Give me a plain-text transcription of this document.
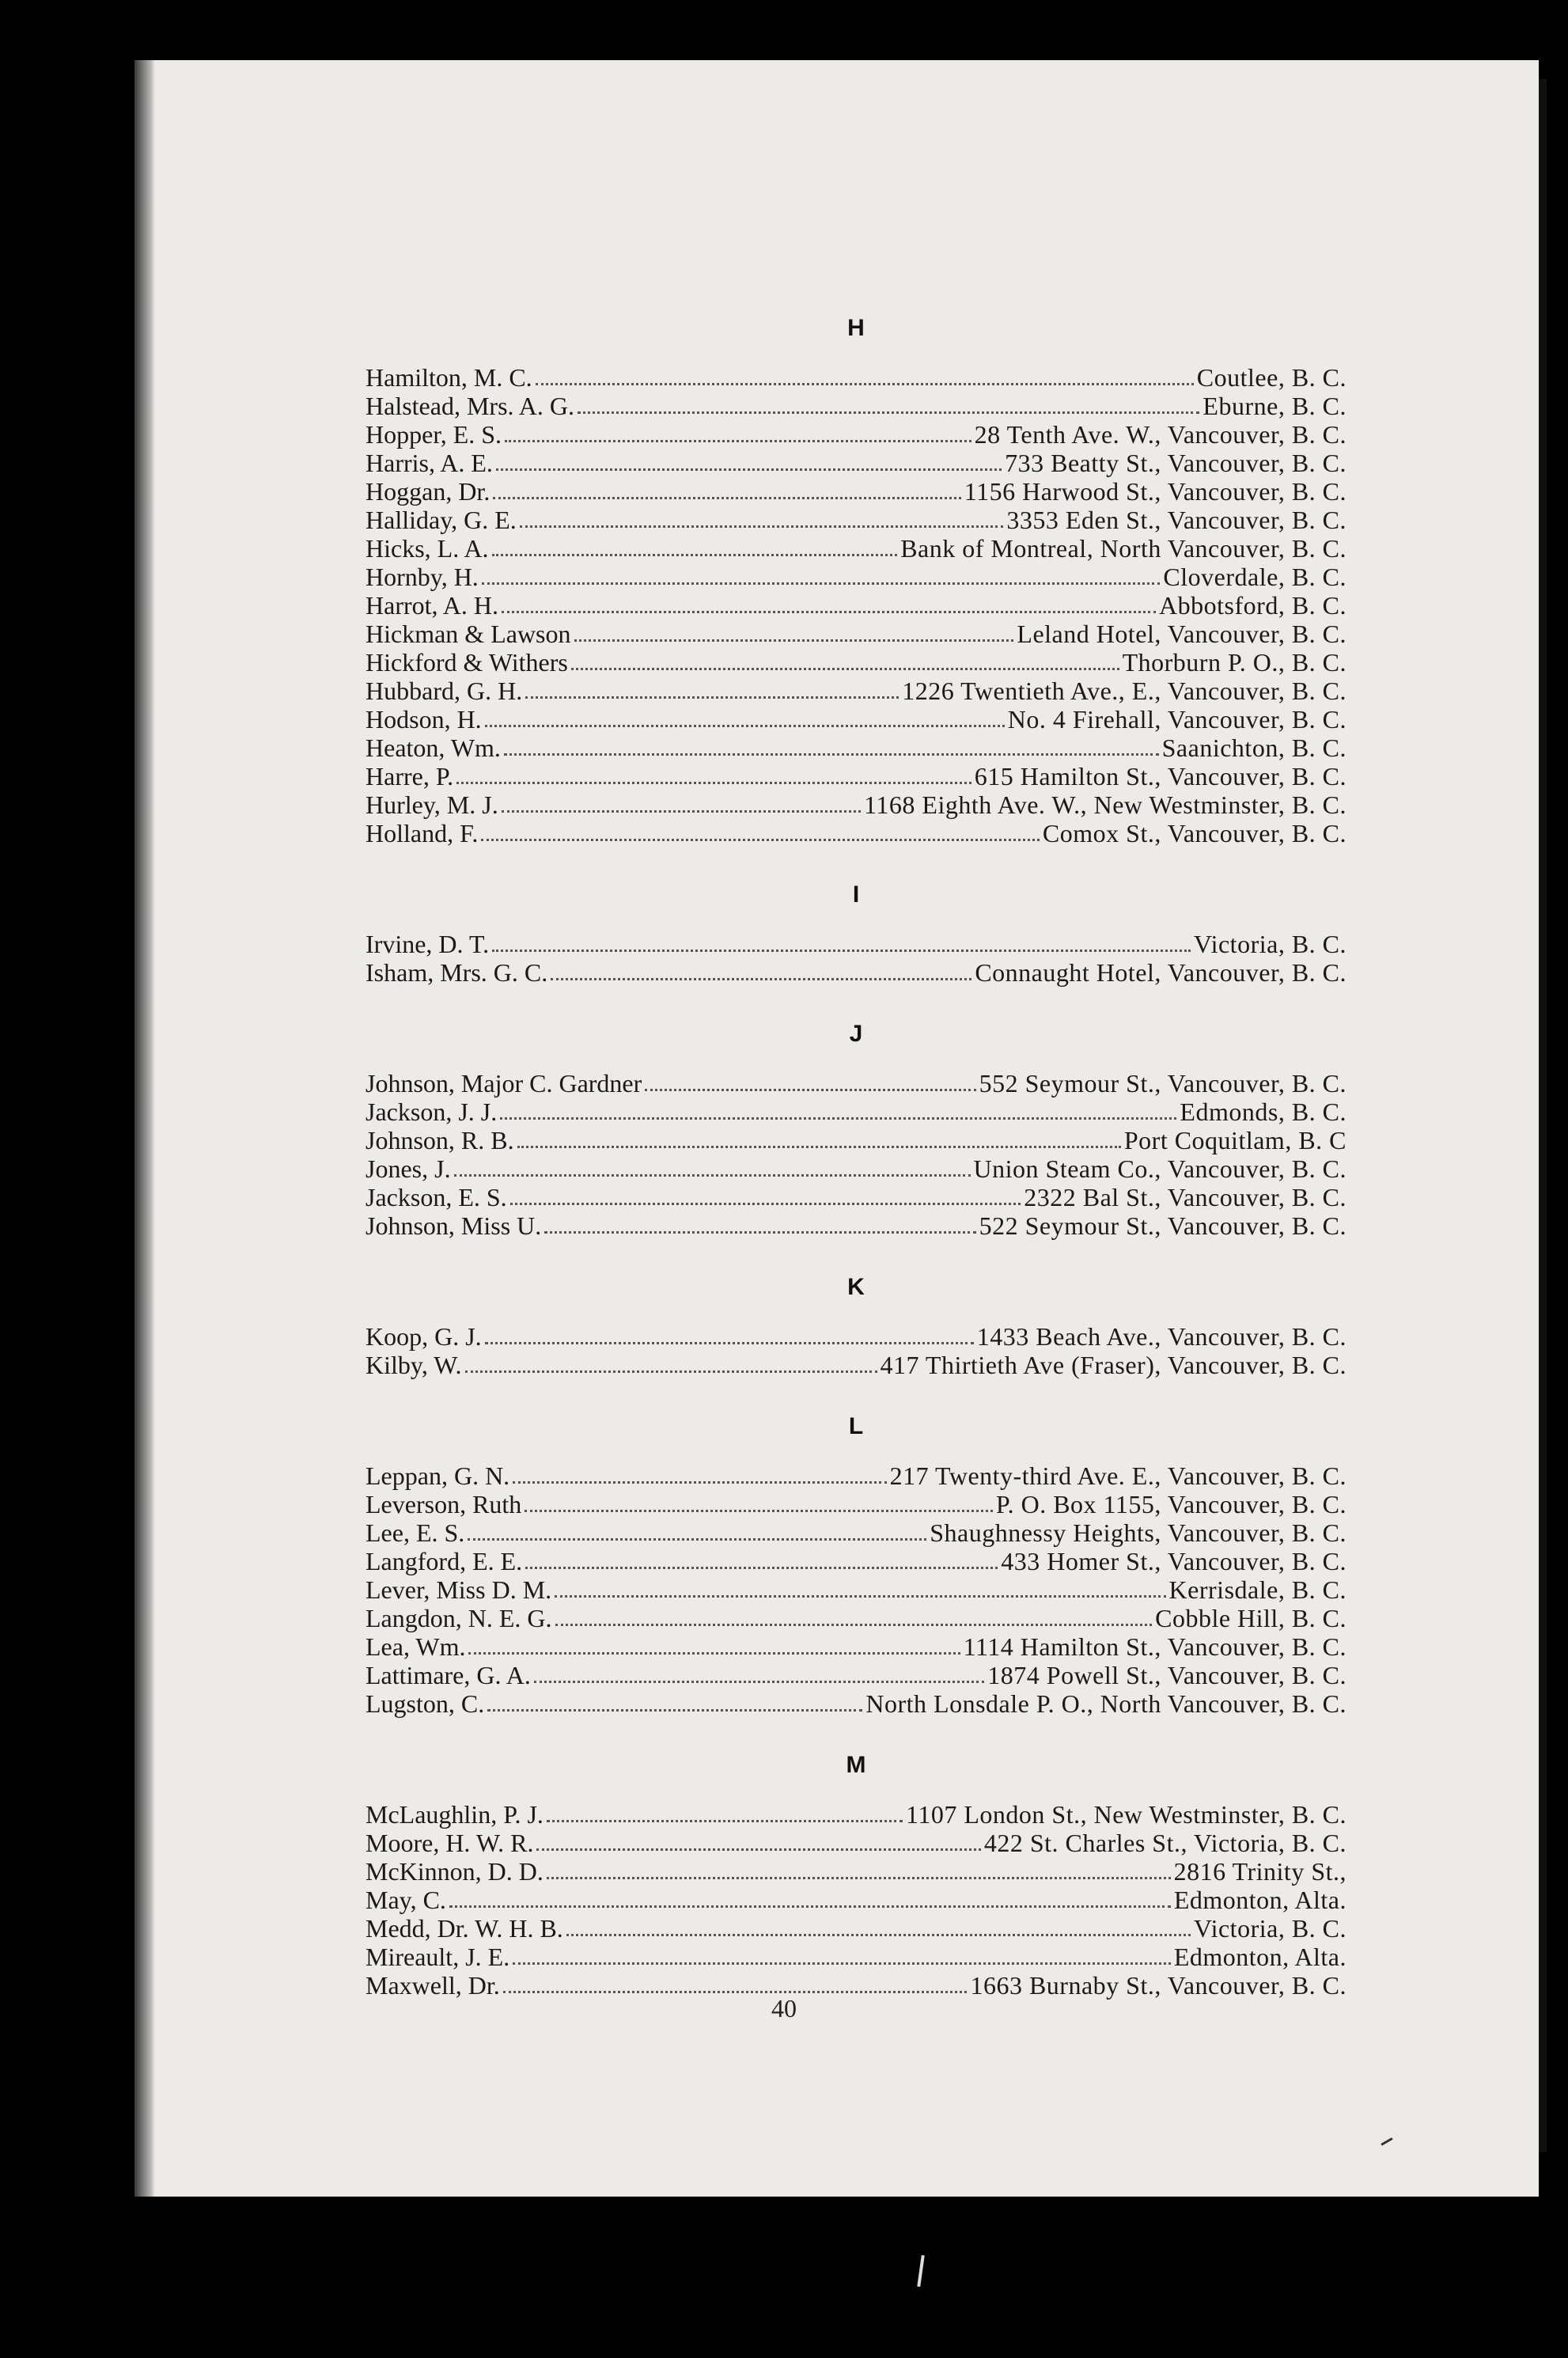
H
Hamilton, M. C.	Coutlee, B. C.
Halstead, Mrs. A. G.	Eburne, B. C.
Hopper, E. S.	28 Tenth Ave. W., Vancouver, B. C.
Harris, A. E.	733 Beatty St., Vancouver, B. C.
Hoggan, Dr.	1156 Harwood St., Vancouver, B. C.
Halliday, G. E.	3353 Eden St., Vancouver, B. C.
Hicks, L. A.	Bank of Montreal, North Vancouver, B. C.
Hornby, H.	Cloverdale, B. C.
Harrot, A. H.	Abbotsford, B. C.
Hickman & Lawson	Leland Hotel, Vancouver, B. C.
Hickford & Withers	Thorburn P. O., B. C.
Hubbard, G. H.	1226 Twentieth Ave., E., Vancouver, B. C.
Hodson, H.	No. 4 Firehall, Vancouver, B. C.
Heaton, Wm.	Saanichton, B. C.
Harre, P.	615 Hamilton St., Vancouver, B. C.
Hurley, M. J.	1168 Eighth Ave. W., New Westminster, B. C.
Holland, F.	Comox St., Vancouver, B. C.
I
Irvine, D. T.	Victoria, B. C.
Isham, Mrs. G. C.	Connaught Hotel, Vancouver, B. C.
J
Johnson, Major C. Gardner	552 Seymour St., Vancouver, B. C.
Jackson, J. J.	Edmonds, B. C.
Johnson, R. B.	Port Coquitlam, B. C
Jones, J.	Union Steam Co., Vancouver, B. C.
Jackson, E. S.	2322 Bal St., Vancouver, B. C.
Johnson, Miss U.	522 Seymour St., Vancouver, B. C.
K
Koop, G. J.	1433 Beach Ave., Vancouver, B. C.
Kilby, W.	417 Thirtieth Ave (Fraser), Vancouver, B. C.
L
Leppan, G. N.	217 Twenty-third Ave. E., Vancouver, B. C.
Leverson, Ruth	P. O. Box 1155, Vancouver, B. C.
Lee, E. S.	Shaughnessy Heights, Vancouver, B. C.
Langford, E. E.	433 Homer St., Vancouver, B. C.
Lever, Miss D. M.	Kerrisdale, B. C.
Langdon, N. E. G.	Cobble Hill, B. C.
Lea, Wm.	1114 Hamilton St., Vancouver, B. C.
Lattimare, G. A.	1874 Powell St., Vancouver, B. C.
Lugston, C.	North Lonsdale P. O., North Vancouver, B. C.
M
McLaughlin, P. J.	1107 London St., New Westminster, B. C.
Moore, H. W. R.	422 St. Charles St., Victoria, B. C.
McKinnon, D. D.	2816 Trinity St.,
May, C.	Edmonton, Alta.
Medd, Dr. W. H. B.	Victoria, B. C.
Mireault, J. E.	Edmonton, Alta.
Maxwell, Dr.	1663 Burnaby St., Vancouver, B. C.
40
